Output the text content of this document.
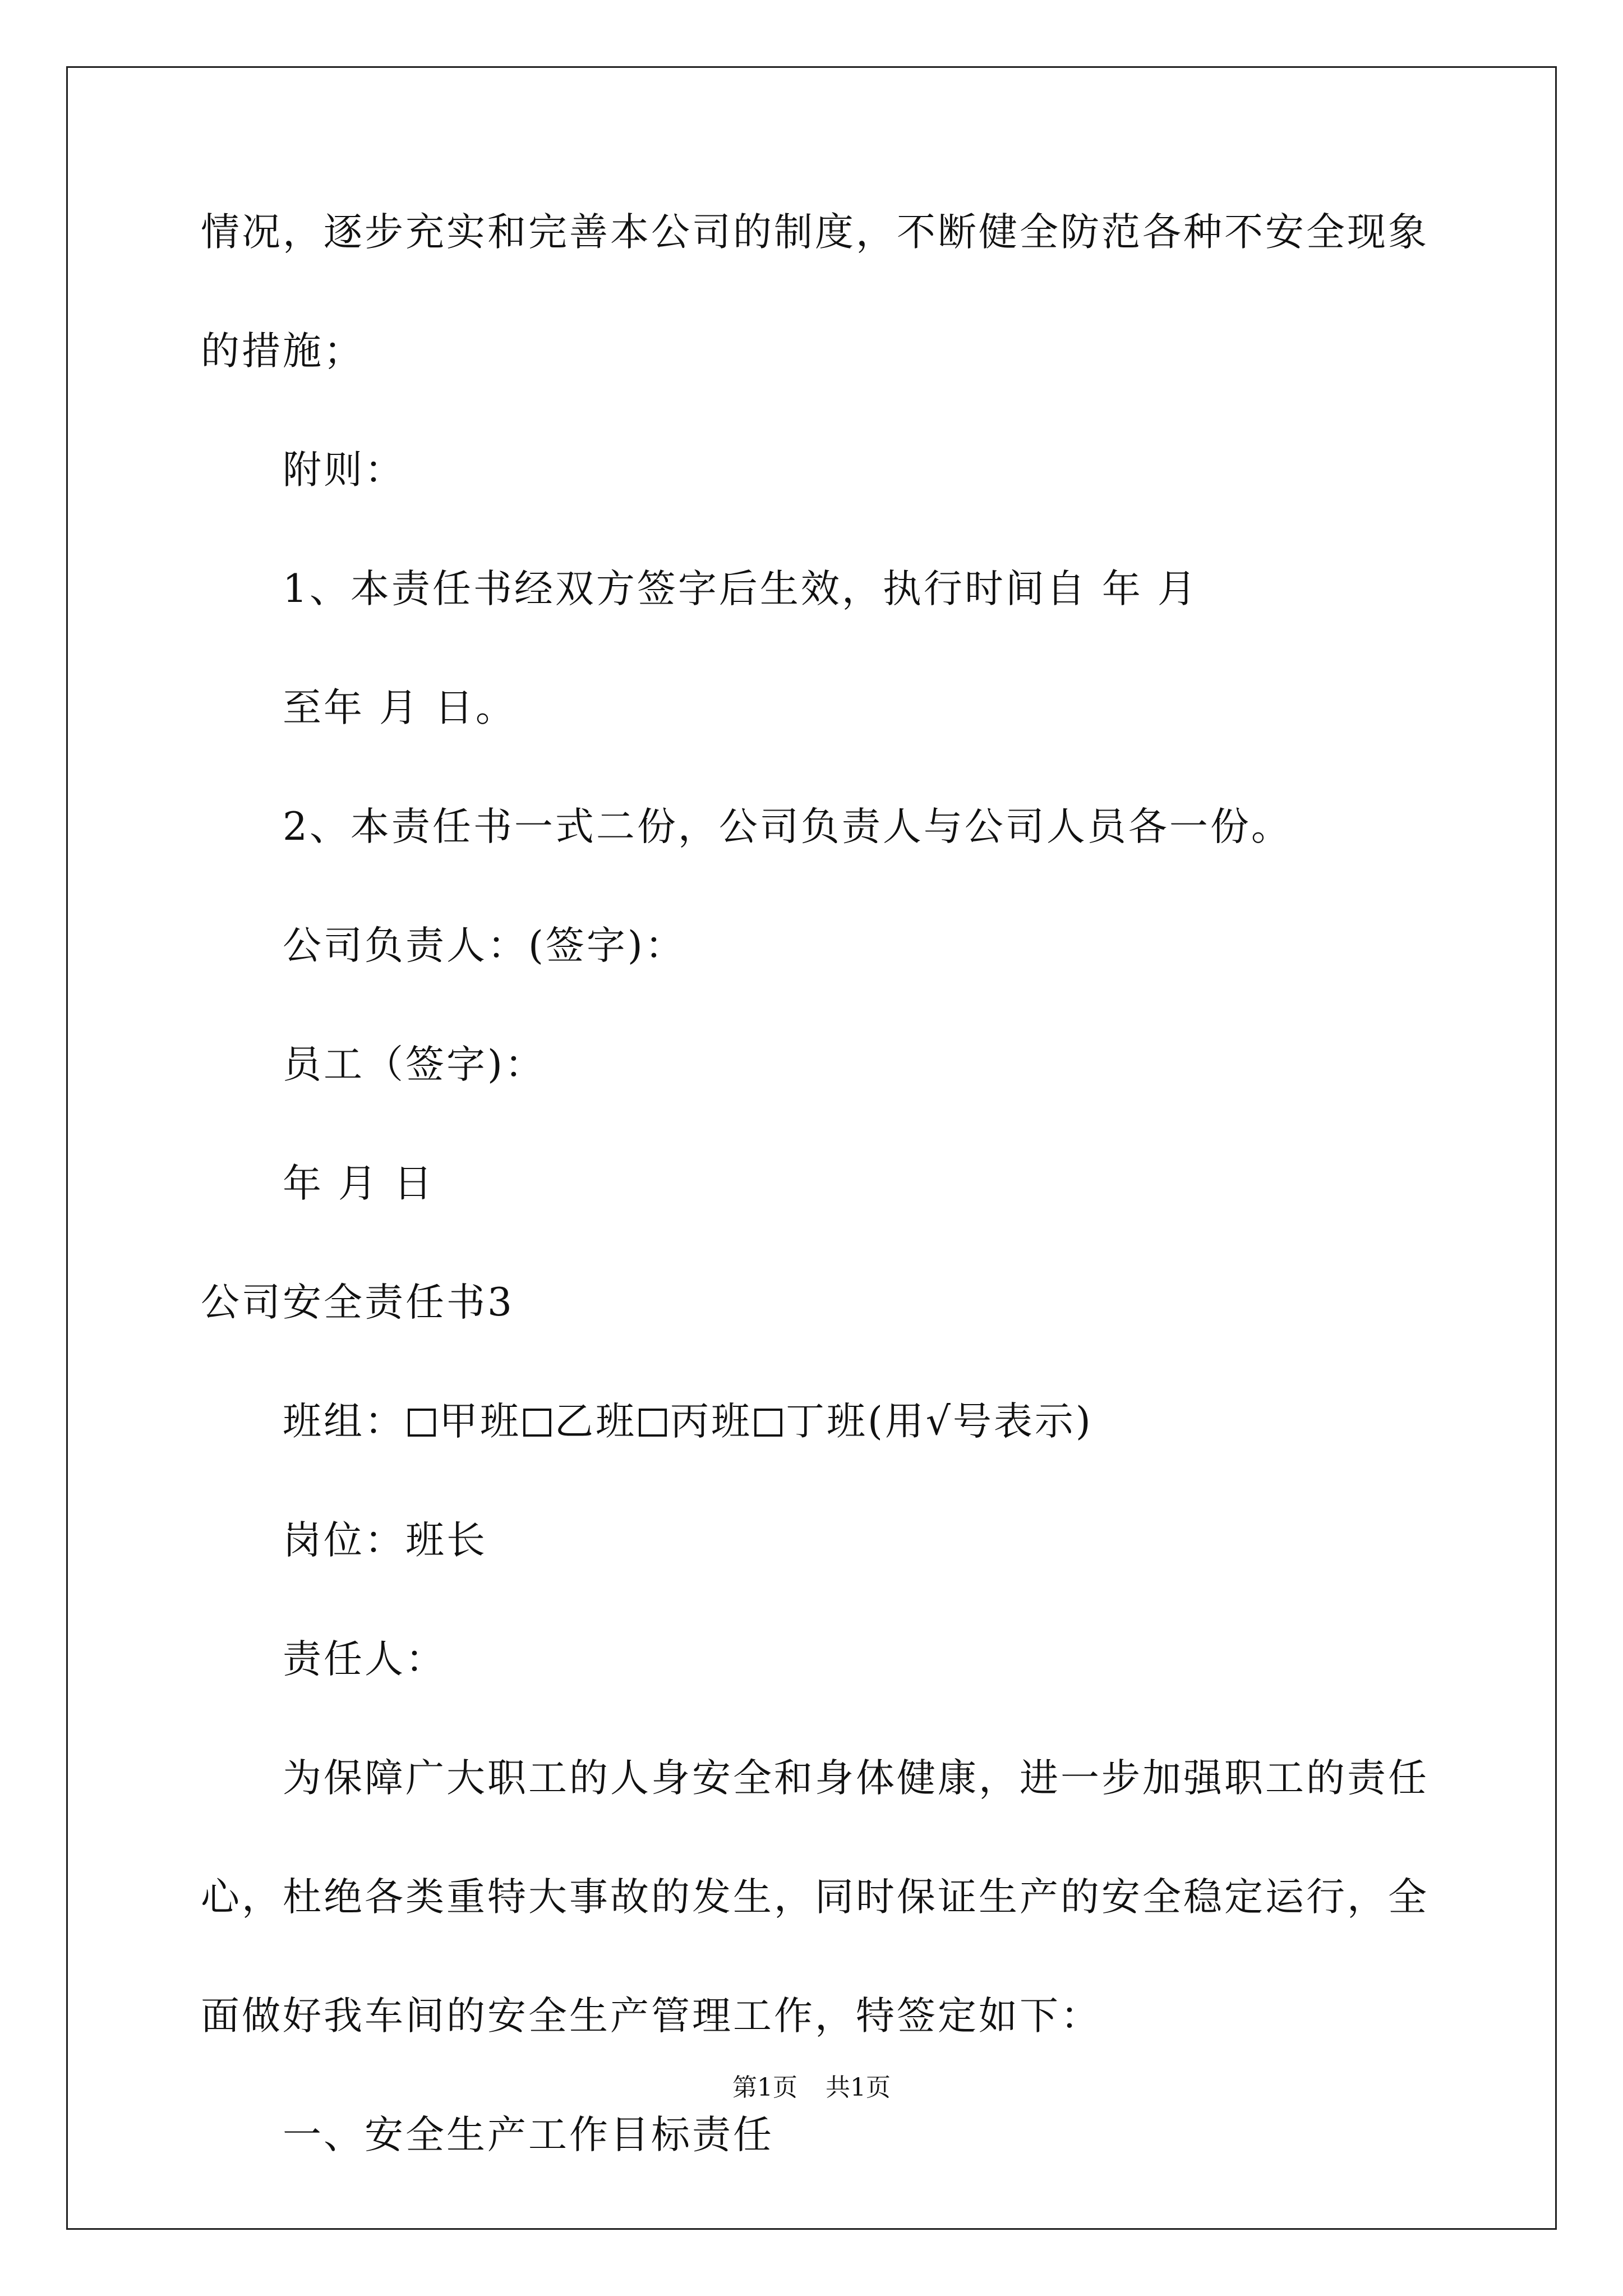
情况，逐步充实和完善本公司的制度，不断健全防范各种不安全现象
的措施；
附则：
1、本责任书经双方签字后生效，执行时间自 年 月
至年 月 日。
2、本责任书一式二份，公司负责人与公司人员各一份。
公司负责人：(签字)：
员工（签字)：
年 月 日
公司安全责任书3
班组： 甲班 乙班 丙班 丁班(用√号表示)
岗位：班长
责任人：
为保障广大职工的人身安全和身体健康，进一步加强职工的责任
心，杜绝各类重特大事故的发生，同时保证生产的安全稳定运行，全
面做好我车间的安全生产管理工作，特签定如下：
一、安全生产工作目标责任
第1页 共1页
